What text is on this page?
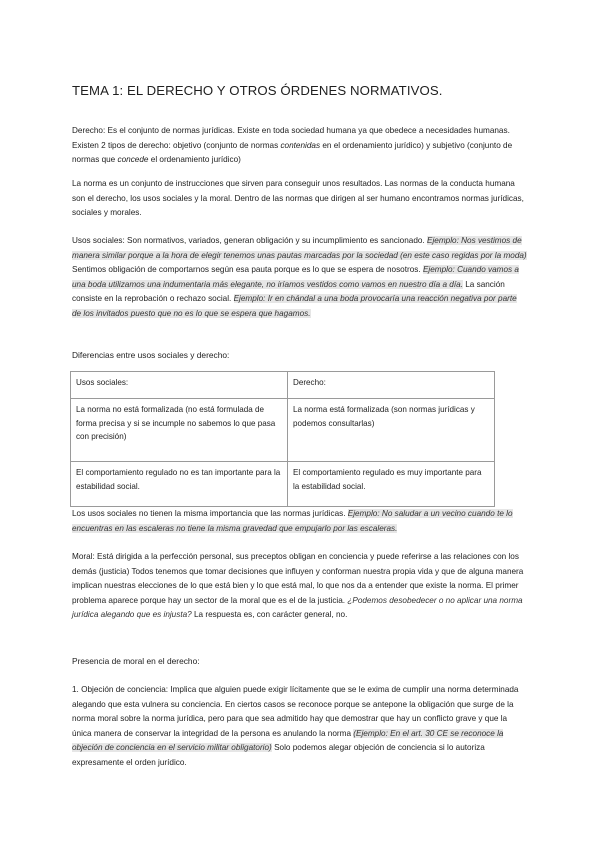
TEMA 1: EL DERECHO Y OTROS ÓRDENES NORMATIVOS.

Derecho: Es el conjunto de normas jurídicas. Existe en toda sociedad humana ya que obedece a necesidades humanas. Existen 2 tipos de derecho: objetivo (conjunto de normas contenidas en el ordenamiento jurídico) y subjetivo (conjunto de normas que concede el ordenamiento jurídico)

La norma es un conjunto de instrucciones que sirven para conseguir unos resultados. Las normas de la conducta humana son el derecho, los usos sociales y la moral. Dentro de las normas que dirigen al ser humano encontramos normas jurídicas, sociales y morales.

Usos sociales: Son normativos, variados, generan obligación y su incumplimiento es sancionado. Ejemplo: Nos vestimos de manera similar porque a la hora de elegir tenemos unas pautas marcadas por la sociedad (en este caso regidas por la moda) Sentimos obligación de comportarnos según esa pauta porque es lo que se espera de nosotros. Ejemplo: Cuando vamos a una boda utilizamos una indumentaria más elegante, no iríamos vestidos como vamos en nuestro día a día. La sanción consiste en la reprobación o rechazo social. Ejemplo: Ir en chándal a una boda provocaría una reacción negativa por parte de los invitados puesto que no es lo que se espera que hagamos.

Diferencias entre usos sociales y derecho:

Usos sociales:	Derecho:
La norma no está formalizada (no está formulada de forma precisa y si se incumple no sabemos lo que pasa con precisión)	La norma está formalizada (son normas jurídicas y podemos consultarlas)
El comportamiento regulado no es tan importante para la estabilidad social.	El comportamiento regulado es muy importante para la estabilidad social.

Los usos sociales no tienen la misma importancia que las normas jurídicas. Ejemplo: No saludar a un vecino cuando te lo encuentras en las escaleras no tiene la misma gravedad que empujarlo por las escaleras.

Moral: Está dirigida a la perfección personal, sus preceptos obligan en conciencia y puede referirse a las relaciones con los demás (justicia) Todos tenemos que tomar decisiones que influyen y conforman nuestra propia vida y que de alguna manera implican nuestras elecciones de lo que está bien y lo que está mal, lo que nos da a entender que existe la norma. El primer problema aparece porque hay un sector de la moral que es el de la justicia. ¿Podemos desobedecer o no aplicar una norma jurídica alegando que es injusta? La respuesta es, con carácter general, no.

Presencia de moral en el derecho:

1. Objeción de conciencia: Implica que alguien puede exigir lícitamente que se le exima de cumplir una norma determinada alegando que esta vulnera su conciencia. En ciertos casos se reconoce porque se antepone la obligación que surge de la norma moral sobre la norma jurídica, pero para que sea admitido hay que demostrar que hay un conflicto grave y que la única manera de conservar la integridad de la persona es anulando la norma (Ejemplo: En el art. 30 CE se reconoce la objeción de conciencia en el servicio militar obligatorio) Solo podemos alegar objeción de conciencia si lo autoriza expresamente el orden jurídico.
